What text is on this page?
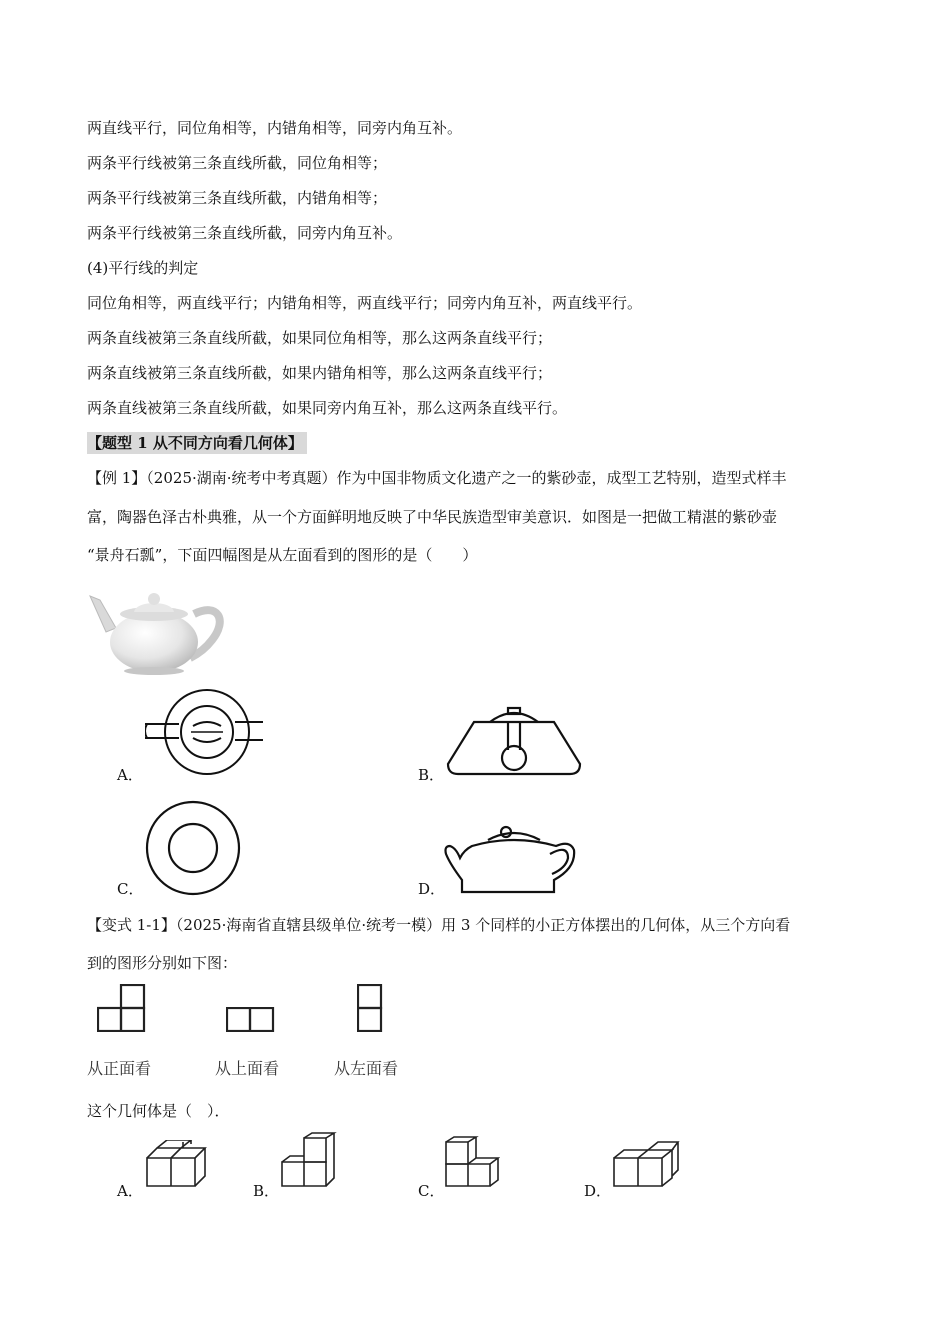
两直线平行，同位角相等，内错角相等，同旁内角互补。
两条平行线被第三条直线所截，同位角相等；
两条平行线被第三条直线所截，内错角相等；
两条平行线被第三条直线所截，同旁内角互补。
(4)平行线的判定
同位角相等，两直线平行；内错角相等，两直线平行；同旁内角互补，两直线平行。
两条直线被第三条直线所截，如果同位角相等，那么这两条直线平行；
两条直线被第三条直线所截，如果内错角相等，那么这两条直线平行；
两条直线被第三条直线所截，如果同旁内角互补，那么这两条直线平行。
【题型 1 从不同方向看几何体】
【例 1】（2025·湖南·统考中考真题）作为中国非物质文化遗产之一的紫砂壶，成型工艺特别，造型式样丰
富，陶器色泽古朴典雅，从一个方面鲜明地反映了中华民族造型审美意识．如图是一把做工精湛的紫砂壶
“景舟石瓢”，下面四幅图是从左面看到的图形的是（　　）
A．	B．
C．	D．
【变式 1-1】（2025·海南省直辖县级单位·统考一模）用 3 个同样的小正方体摆出的几何体，从三个方向看
到的图形分别如下图：
从正面看	从上面看	从左面看
这个几何体是（　）．
A．	B．	C．	D．
